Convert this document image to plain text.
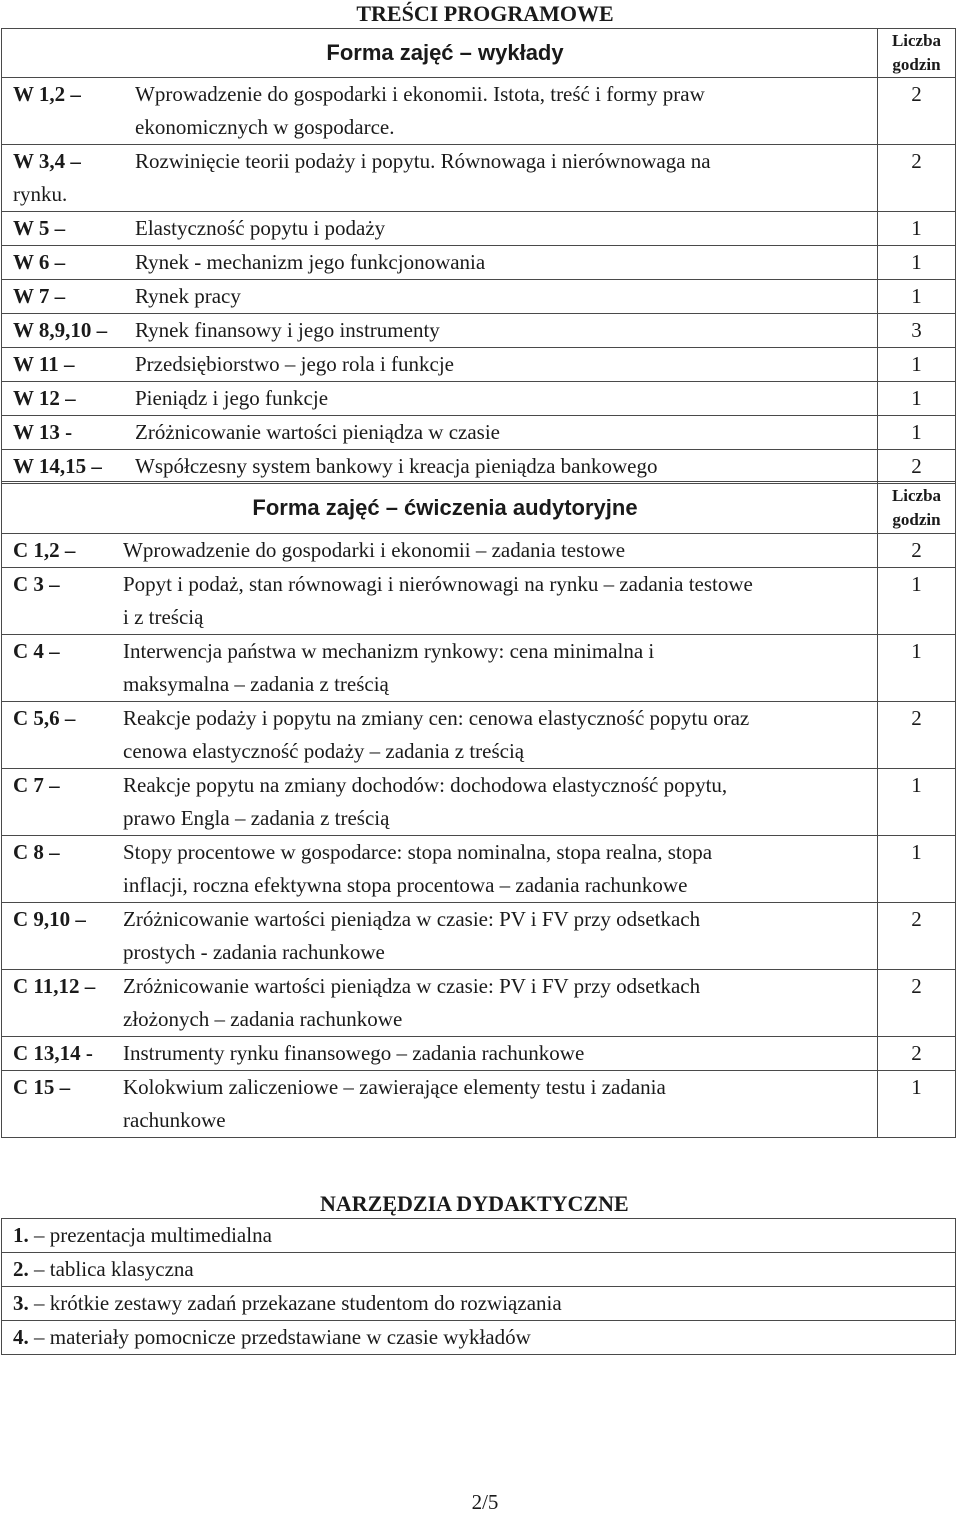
TREŚCI PROGRAMOWE
Forma zajęć – wykłady	Liczba
godzin
W 1,2 –	Wprowadzenie do gospodarki i ekonomii. Istota, treść i formy praw
ekonomicznych w gospodarce.
2
W 3,4 –	Rozwinięcie teorii podaży i popytu. Równowaga i nierównowaga na
rynku.
2
W 5 –	Elastyczność popytu i podaży	1
W 6 –	Rynek - mechanizm jego funkcjonowania	1
W 7 –	Rynek pracy	1
W 8,9,10 –	Rynek finansowy i jego instrumenty	3
W 11 –	Przedsiębiorstwo – jego rola i funkcje	1
W 12 –	Pieniądz i jego funkcje	1
W 13 -	Zróżnicowanie wartości pieniądza w czasie	1
W 14,15 –	Współczesny system bankowy i kreacja pieniądza bankowego	2
Forma zajęć – ćwiczenia audytoryjne	Liczba
godzin
C 1,2 –	Wprowadzenie do gospodarki i ekonomii – zadania testowe	2
C 3 –	Popyt i podaż, stan równowagi i nierównowagi na rynku – zadania testowe
i z treścią
1
C 4 –	Interwencja państwa w mechanizm rynkowy: cena minimalna i
maksymalna – zadania z treścią
1
C 5,6 –	Reakcje podaży i popytu na zmiany cen: cenowa elastyczność popytu oraz
cenowa elastyczność podaży – zadania z treścią
2
C 7 –	Reakcje popytu na zmiany dochodów: dochodowa elastyczność popytu,
prawo Engla – zadania z treścią
1
C 8 –	Stopy procentowe w gospodarce: stopa nominalna, stopa realna, stopa
inflacji, roczna efektywna stopa procentowa – zadania rachunkowe
1
C 9,10 –	Zróżnicowanie wartości pieniądza w czasie: PV i FV przy odsetkach
prostych - zadania rachunkowe
2
C 11,12 –	Zróżnicowanie wartości pieniądza w czasie: PV i FV przy odsetkach
złożonych – zadania rachunkowe
2
C 13,14 -	Instrumenty rynku finansowego – zadania rachunkowe	2
C 15 –	Kolokwium zaliczeniowe – zawierające elementy testu i zadania
rachunkowe
1
NARZĘDZIA DYDAKTYCZNE
1. – prezentacja multimedialna
2. – tablica klasyczna
3. – krótkie zestawy zadań przekazane studentom do rozwiązania
4. – materiały pomocnicze przedstawiane w czasie wykładów
2/5
